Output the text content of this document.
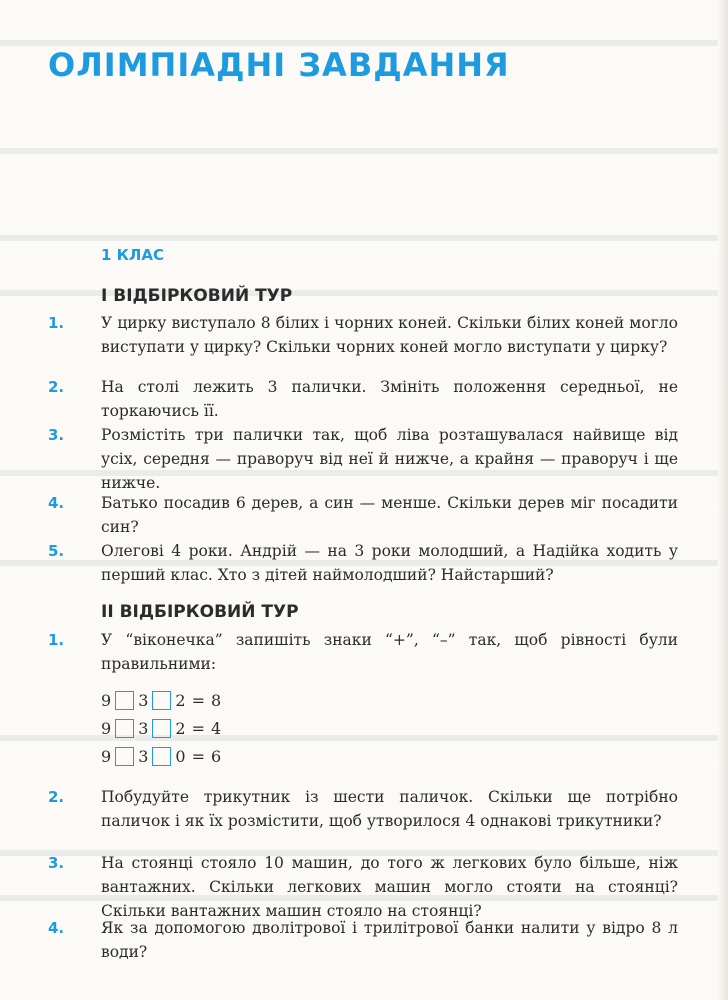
ОЛІМПІАДНІ ЗАВДАННЯ
1 КЛАС
І ВІДБІРКОВИЙ ТУР
1.	У цирку виступало 8 білих і чорних коней. Скільки білих коней могло виступати у цирку? Скільки чорних коней могло виступати у цирку?
2.	На столі лежить 3 палички. Змініть положення середньої, не торкаючись її.
3.	Розмістіть три палички так, щоб ліва розташувалася найвище від усіх, середня — праворуч від неї й нижче, а крайня — праворуч і ще нижче.
4.	Батько посадив 6 дерев, а син — менше. Скільки дерев міг посадити син?
5.	Олегові 4 роки. Андрій — на 3 роки молодший, а Надійка ходить у перший клас. Хто з дітей наймолодший? Найстарший?
ІІ ВІДБІРКОВИЙ ТУР
1.	У “віконечка” запишіть знаки “+”, “–” так, щоб рівності були правильними:
9 3 2 = 8
9 3 2 = 4
9 3 0 = 6
2.	Побудуйте трикутник із шести паличок. Скільки ще потрібно паличок і як їх розмістити, щоб утворилося 4 однакові трикутники?
3.	На стоянці стояло 10 машин, до того ж легкових було більше, ніж вантажних. Скільки легкових машин могло стояти на стоянці? Скільки вантажних машин стояло на стоянці?
4.	Як за допомогою дволітрової і трилітрової банки налити у відро 8 л води?
